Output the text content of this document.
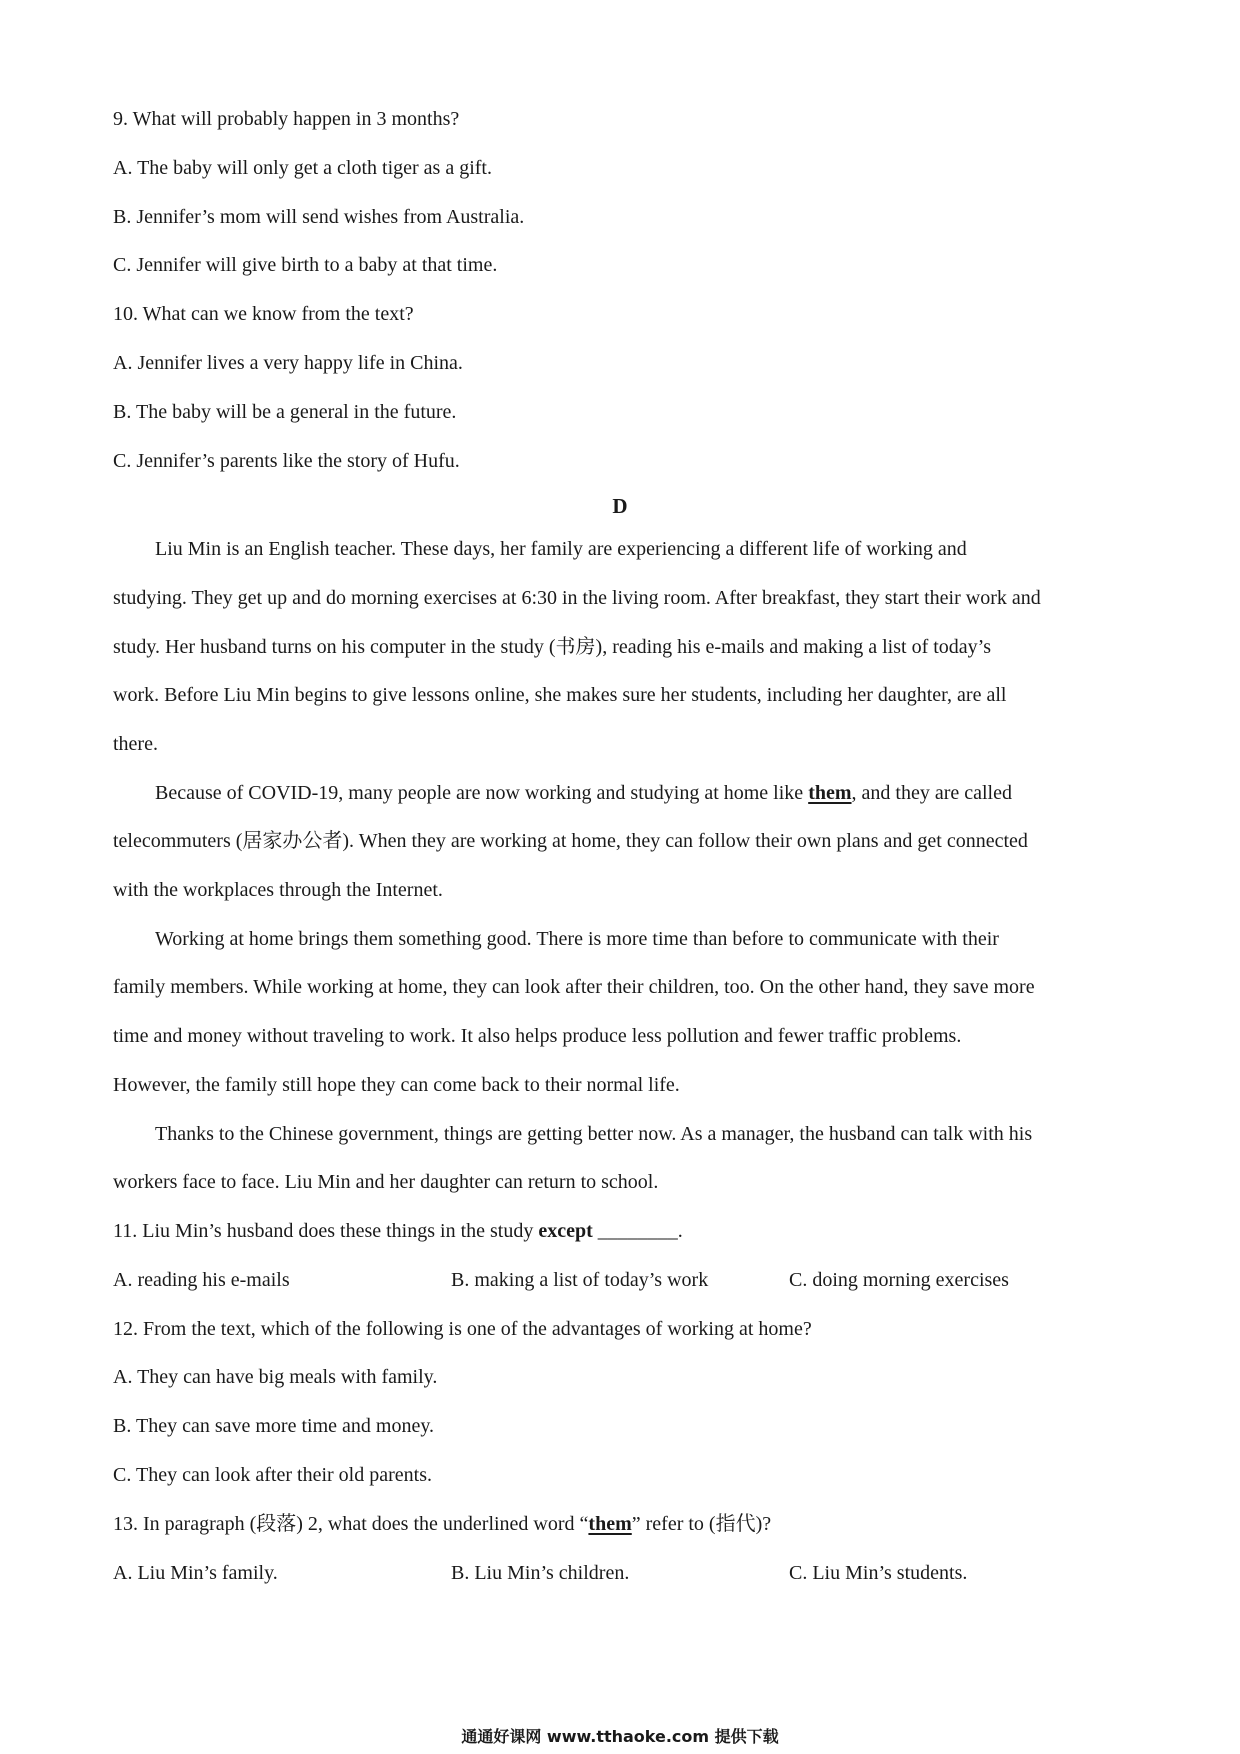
9. What will probably happen in 3 months?
A. The baby will only get a cloth tiger as a gift.
B. Jennifer’s mom will send wishes from Australia.
C. Jennifer will give birth to a baby at that time.
10. What can we know from the text?
A. Jennifer lives a very happy life in China.
B. The baby will be a general in the future.
C. Jennifer’s parents like the story of Hufu.
D
Liu Min is an English teacher. These days, her family are experiencing a different life of working and
studying. They get up and do morning exercises at 6:30 in the living room. After breakfast, they start their work and
study. Her husband turns on his computer in the study (书房), reading his e-mails and making a list of today’s
work. Before Liu Min begins to give lessons online, she makes sure her students, including her daughter, are all
there.
Because of COVID-19, many people are now working and studying at home like them, and they are called
telecommuters (居家办公者). When they are working at home, they can follow their own plans and get connected
with the workplaces through the Internet.
Working at home brings them something good. There is more time than before to communicate with their
family members. While working at home, they can look after their children, too. On the other hand, they save more
time and money without traveling to work. It also helps produce less pollution and fewer traffic problems.
However, the family still hope they can come back to their normal life.
Thanks to the Chinese government, things are getting better now. As a manager, the husband can talk with his
workers face to face. Liu Min and her daughter can return to school.
11. Liu Min’s husband does these things in the study except ________.
A. reading his e-mails	B. making a list of today’s work	C. doing morning exercises
12. From the text, which of the following is one of the advantages of working at home?
A. They can have big meals with family.
B. They can save more time and money.
C. They can look after their old parents.
13. In paragraph (段落) 2, what does the underlined word “them” refer to (指代)?
A. Liu Min’s family.	B. Liu Min’s children.	C. Liu Min’s students.
通通好课网 www.tthaoke.com 提供下载
